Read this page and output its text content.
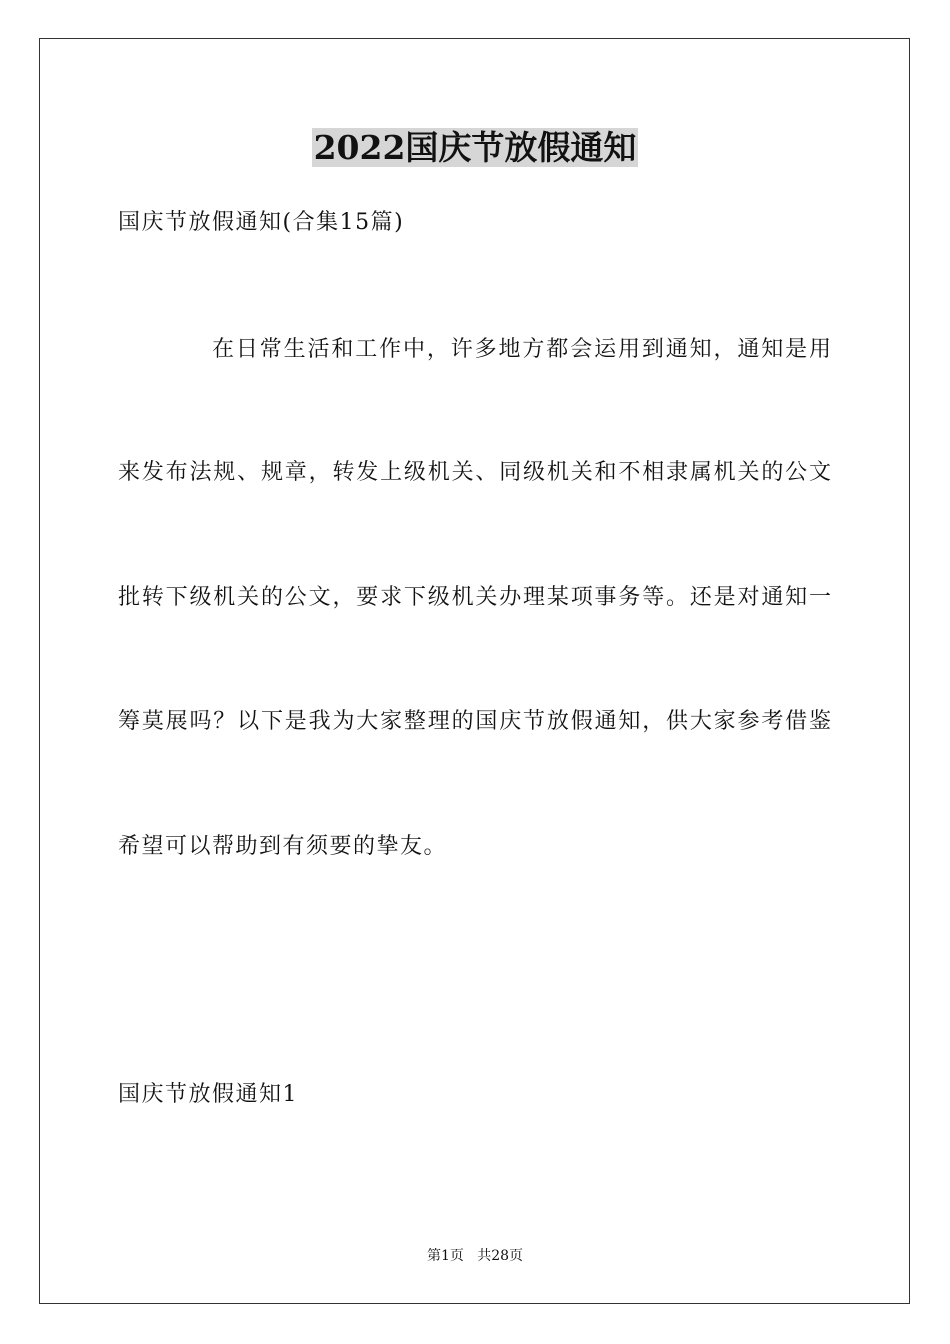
2022国庆节放假通知
国庆节放假通知(合集15篇)
在日常生活和工作中，许多地方都会运用到通知，通知是用
来发布法规、规章，转发上级机关、同级机关和不相隶属机关的公文
批转下级机关的公文，要求下级机关办理某项事务等。还是对通知一
筹莫展吗？以下是我为大家整理的国庆节放假通知，供大家参考借鉴
希望可以帮助到有须要的挚友。
国庆节放假通知1
第1页   共28页
